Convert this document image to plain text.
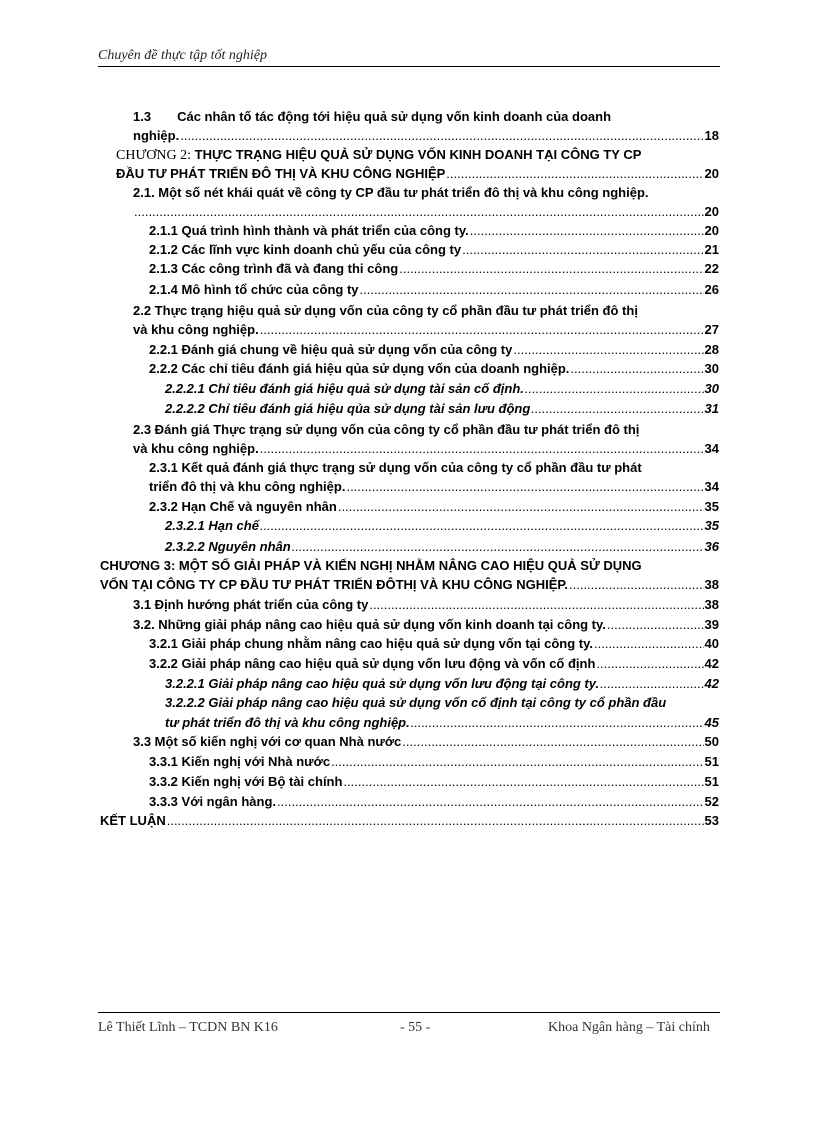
Chuyên đề thực tập tốt nghiệp
1.3 Các nhân tố tác động tới hiệu quả sử dụng vốn kinh doanh của doanh
nghiệp. .....	18
CHƯƠNG 2:
THỰC TRẠNG HIỆU QUẢ SỬ DỤNG VỐN KINH DOANH TẠI CÔNG TY CP
ĐẦU TƯ PHÁT TRIỂN ĐÔ THỊ VÀ KHU CÔNG NGHIỆP .....	20
2.1. Một số nét khái quát về công ty CP đầu tư phát triển đô thị và khu công nghiệp.
.....
20
2.1.1 Quá trình hình thành và phát triển của công ty. .....	20
2.1.2 Các lĩnh vực kinh doanh chủ yếu của công ty .....	21
2.1.3 Các công trình đã và đang thi công .....	22
2.1.4 Mô hình tổ chức của công ty .....	26
2.2 Thực trạng hiệu quả sử dụng vốn của công ty cổ phần đầu tư phát triển đô thị
và khu công nghiệp. .....	27
2.2.1 Đánh giá chung về hiệu quả sử dụng vốn của công ty .....	28
2.2.2 Các chỉ tiêu đánh giá hiệu qủa sử dụng vốn của doanh nghiệp. .....	30
2.2.2.1 Chỉ tiêu đánh giá hiệu quả sử dụng tài sản cố định. .....	30
2.2.2.2 Chỉ tiêu đánh giá hiệu qủa sử dụng tài sản lưu động .....	31
2.3 Đánh giá Thực trạng sử dụng vốn của công ty cổ phần đầu tư phát triển đô thị
và khu công nghiệp. .....	34
2.3.1 Kết quả đánh giá thực trạng sử dụng vốn của công ty cổ phần đầu tư phát
triển đô thị và khu công nghiệp. .....	34
2.3.2 Hạn Chế và nguyên nhân .....	35
2.3.2.1 Hạn chế .....	35
2.3.2.2 Nguyên nhân .....	36
CHƯƠNG 3: MỘT SỐ GIẢI PHÁP VÀ KIẾN NGHỊ NHẰM NÂNG CAO HIỆU QUẢ SỬ DỤNG
VỐN TẠI CÔNG TY CP ĐẦU TƯ PHÁT TRIỂN ĐÔTHỊ VÀ KHU CÔNG NGHIỆP. .....	38
3.1 Định hướng phát triển của công ty .....	38
3.2. Những giải pháp nâng cao hiệu quả sử dụng vốn kinh doanh tại công ty. .....	39
3.2.1 Giải pháp chung nhằm nâng cao hiệu quả sử dụng vốn tại công ty. .....	40
3.2.2 Giải pháp nâng cao hiệu quả sử dụng vốn lưu động và vốn cố định .....	42
3.2.2.1 Giải pháp nâng cao hiệu quả sử dụng vốn lưu động tại công ty. .....	42
3.2.2.2 Giải pháp nâng cao hiệu quả sử dụng vốn cố định tại công ty cổ phần đầu
tư phát triển đô thị và khu công nghiệp. .....	45
3.3 Một số kiến nghị với cơ quan Nhà nước .....	50
3.3.1 Kiến nghị với Nhà nước .....	51
3.3.2 Kiến nghị với Bộ tài chính .....	51
3.3.3 Với ngân hàng. .....	52
KẾT LUẬN .....	53
Lê Thiết Lĩnh – TCDN BN K16	- 55 -	Khoa Ngân hàng – Tài chính
